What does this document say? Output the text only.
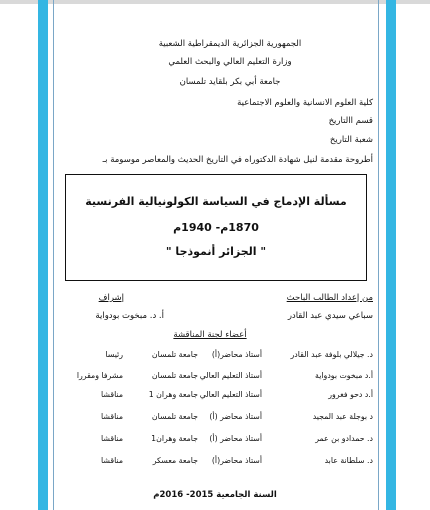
الجمهورية الجزائرية الديمقراطية الشعبية
وزارة التعليم العالي والبحث العلمي
جامعة أبي بكر بلقايد تلمسان
كلية العلوم الانسانية والعلوم الاجتماعية
قسم االتاريخ
شعبة التاريخ
أطروحة مقدمة لنيل شهادة الدكتوراه في التاريخ الحديث والمعاصر موسومة بـ
مسألة الإدماج في السياسة الكولونيالية الفرنسية
1870م- 1940م
" الجزائر أنموذجا "
من إعداد الطالب الباحث
إشراف
سباعي سيدي عبد القادر
أ. د. مبخوت بودواية
أعضاء لجنة المناقشة
د. جيلالي بلوفة عبد القادر
أستاذ محاضر(أ)
جامعة تلمسان
رئيسا
أ.د مبخوت بودواية
أستاذ التعليم العالي
جامعة تلمسان
مشرفا ومقررا
أ.د دحو فغرور
أستاذ التعليم العالي
جامعة وهران 1
مناقشا
د بوجلة عبد المجيد
أستاذ محاضر (أ)
جامعة تلمسان
مناقشا
د. حمدادو بن عمر
أستاذ محاضر (أ)
جامعة وهران1
مناقشا
د. سلطانة عابد
أستاذ محاضر(أ)
جامعة معسكر
مناقشا
السنة الجامعية 2015- 2016م
